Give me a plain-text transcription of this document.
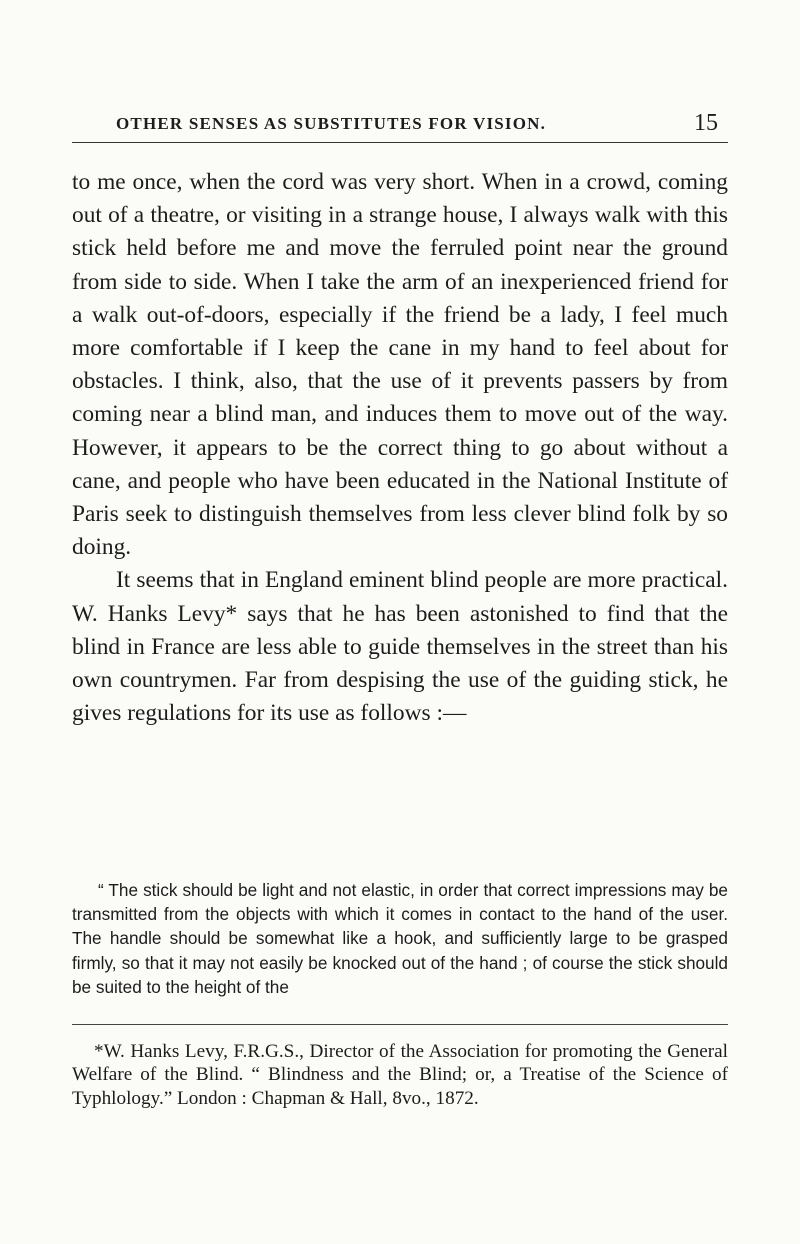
OTHER SENSES AS SUBSTITUTES FOR VISION.	15

to me once, when the cord was very short. When in a crowd, coming out of a theatre, or visiting in a strange house, I always walk with this stick held before me and move the ferruled point near the ground from side to side. When I take the arm of an inexperienced friend for a walk out-of-doors, especially if the friend be a lady, I feel much more comfortable if I keep the cane in my hand to feel about for obstacles. I think, also, that the use of it prevents passers by from coming near a blind man, and induces them to move out of the way. However, it appears to be the correct thing to go about without a cane, and people who have been educated in the National Institute of Paris seek to distinguish themselves from less clever blind folk by so doing.

It seems that in England eminent blind people are more practical. W. Hanks Levy* says that he has been astonished to find that the blind in France are less able to guide themselves in the street than his own countrymen. Far from despising the use of the guiding stick, he gives regulations for its use as follows :—

“ The stick should be light and not elastic, in order that correct impressions may be transmitted from the objects with which it comes in contact to the hand of the user. The handle should be somewhat like a hook, and sufficiently large to be grasped firmly, so that it may not easily be knocked out of the hand ; of course the stick should be suited to the height of the

*W. Hanks Levy, F.R.G.S., Director of the Association for promoting the General Welfare of the Blind. “ Blindness and the Blind; or, a Treatise of the Science of Typhlology.” London : Chapman & Hall, 8vo., 1872.
